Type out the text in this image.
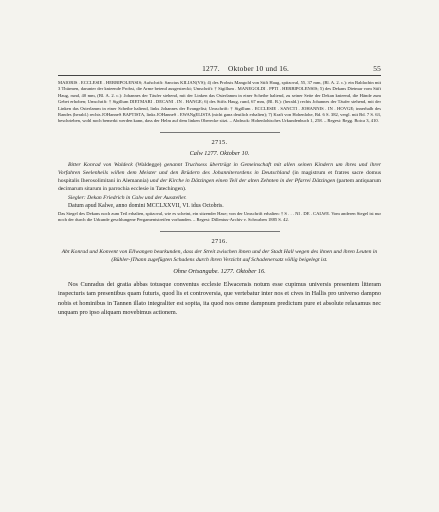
1277. Oktober 10 und 16.	55

MAIORIS . ECCLESIE . HERBIPOLENSIS; Aufschrift: Sanctus KILIAN(VS); 4) des Probsts Mangold von Stift Haug, spitzoval, 55, 37 mm, (Bl. A. 2. c.): ein Baldachin mit 3 Thürmen, darunter der knieende Probst, die Arme betend ausgestreckt; Umschrift: † Sigillum . MANEGOLDI . PPTI . HERBIPOLENSIS; 5) des Dekans Dietmar vom Stift Haug, rund, 40 mm, (Bl. A. 2. c.): Johannes der Täufer stehend, mit der Linken das Osterlamm in einer Scheibe haltend, zu seiner Seite der Dekan knieend, die Hände zum Gebet erhoben; Umschrift: † Sigillum DIETMARI . DECANI . IN . HANGE; 6) des Stifts Haug, rund, 67 mm, (Bl. B.): (herald.) rechts Johannes der Täufer stehend, mit der Linken das Osterlamm in einer Scheibe haltend, links Johannes der Evangelist; Umschrift: † Sigillum . ECCLESIE . SANCTI . JOHANNIS . IN . HOVGE; innerhalb des Randes (herald.) rechts JOHanneS BAPTISTA, links JOHanneS . EWANgELISTA (nicht ganz deutlich erhalten); 7) Kraft von Hohenlohe, Bd. 6 S. 382, vergl. mit Bd. 7 S. 63, beschrieben, wohl noch bemerkt werden kann, dass der Helm auf dem linken Oberecke sitzt. – Abdruck: Hohenlohisches Urkundenbuch 1, 258. – Regest: Regg. Boica 3, 410.

2715.

Calw 1277. Oktober 10.

Bitter Konrad von Waldeck (Waldegge) genannt Truchsess überträgt in Gemeinschaft mit allen seinen Kindern um ihres und ihrer Vorfahren Seelenheils willen dem Meister und den Brüdern des Johanniterordens in Deutschland (in magistrum et fratres sacre domus hospitalis Iherosolimitani in Alemannia) und der Kirche in Dätzingen einen Teil der alten Zehnten in der Pfarrei Dätzingen (partem antiquarum decimarum sitarum in parrochia ecclesie in Tatechingen).

Siegler: Dekan Friedrich in Calw und der Aussteller.

Datum apud Kalwe, anno domini MCCLXXVII, VI. idus Octobris.

Das Siegel des Dekans noch zum Teil erhalten, spitzoval, wie es scheint, ein sitzender Hase; von der Umschrift erhalten: † S . . . NI . DE . CALWE. Vom anderen Siegel ist nur noch der durch die Urkunde geschlungene Pergamentstreifen vorhanden. – Regest: Dillenius-Archiv v. Schwaben 1885 S. 42.

2716.

Abt Konrad und Konvent von Ellwangen beurkunden, dass der Streit zwischen ihnen und der Stadt Hall wegen des ihnen und ihren Leuten in (Bühler-)Thann zugefügten Schadens durch ihren Verzicht auf Schadenersatz völlig beigelegt ist.

Ohne Ortsangabe. 1277. Oktober 16.

Nos Cunradus dei gratia abbas totusque conventus ecclesie Elwacensis notum esse cupimus universis presentem litteram inspecturis tam presentibus quam futuris, quod lis et controversia, que vertebatur inter nos et cives in Hallis pro universo dampno nobis et hominibus in Tannen illato integraliter est sopita, ita quod nos omne dampnum predictum pure et absolute relaxamus nec unquam pro ipso aliquam movebimus actionem.
